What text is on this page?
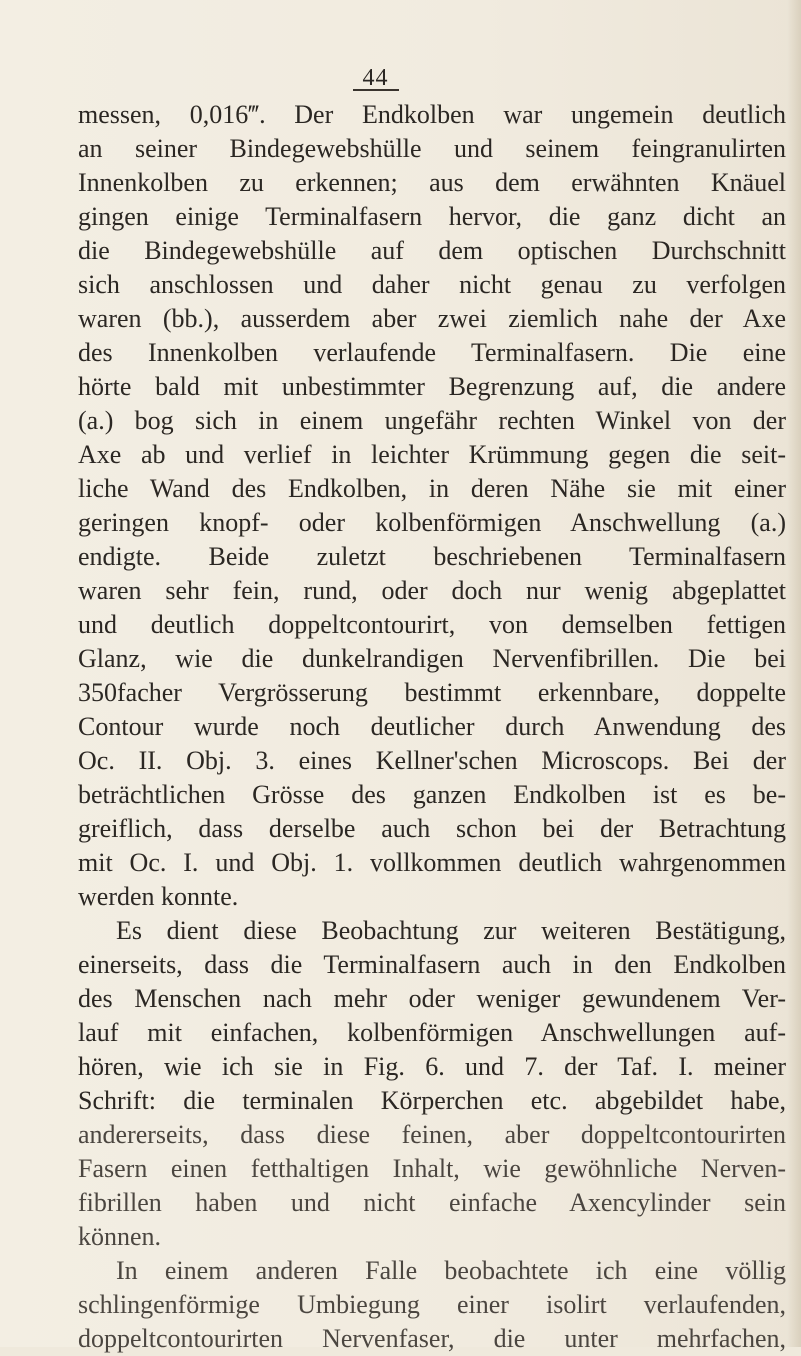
44
messen, 0,016‴. Der Endkolben war ungemein deutlich
an seiner Bindegewebshülle und seinem feingranulirten
Innenkolben zu erkennen; aus dem erwähnten Knäuel
gingen einige Terminalfasern hervor, die ganz dicht an
die Bindegewebshülle auf dem optischen Durchschnitt
sich anschlossen und daher nicht genau zu verfolgen
waren (bb.), ausserdem aber zwei ziemlich nahe der Axe
des Innenkolben verlaufende Terminalfasern. Die eine
hörte bald mit unbestimmter Begrenzung auf, die andere
(a.) bog sich in einem ungefähr rechten Winkel von der
Axe ab und verlief in leichter Krümmung gegen die seit-
liche Wand des Endkolben, in deren Nähe sie mit einer
geringen knopf- oder kolbenförmigen Anschwellung (a.)
endigte. Beide zuletzt beschriebenen Terminalfasern
waren sehr fein, rund, oder doch nur wenig abgeplattet
und deutlich doppeltcontourirt, von demselben fettigen
Glanz, wie die dunkelrandigen Nervenfibrillen. Die bei
350facher Vergrösserung bestimmt erkennbare, doppelte
Contour wurde noch deutlicher durch Anwendung des
Oc. II. Obj. 3. eines Kellner'schen Microscops. Bei der
beträchtlichen Grösse des ganzen Endkolben ist es be-
greiflich, dass derselbe auch schon bei der Betrachtung
mit Oc. I. und Obj. 1. vollkommen deutlich wahrgenommen
werden konnte.
Es dient diese Beobachtung zur weiteren Bestätigung,
einerseits, dass die Terminalfasern auch in den Endkolben
des Menschen nach mehr oder weniger gewundenem Ver-
lauf mit einfachen, kolbenförmigen Anschwellungen auf-
hören, wie ich sie in Fig. 6. und 7. der Taf. I. meiner
Schrift: die terminalen Körperchen etc. abgebildet habe,
andererseits, dass diese feinen, aber doppeltcontourirten
Fasern einen fetthaltigen Inhalt, wie gewöhnliche Nerven-
fibrillen haben und nicht einfache Axencylinder sein
können.
In einem anderen Falle beobachtete ich eine völlig
schlingenförmige Umbiegung einer isolirt verlaufenden,
doppeltcontourirten Nervenfaser, die unter mehrfachen,
